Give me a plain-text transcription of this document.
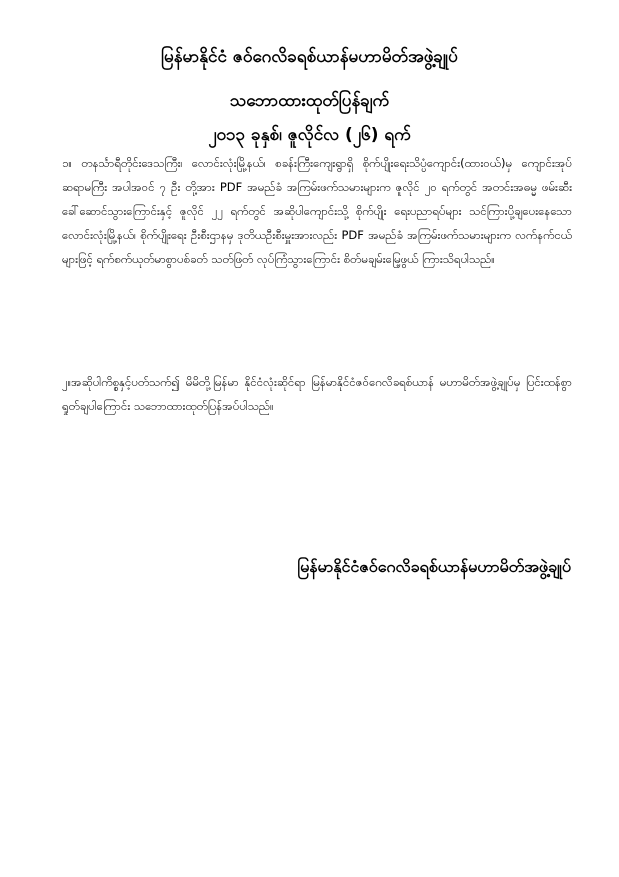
မြန်မာနိုင်ငံ ဇဝ်ဂေလိခရစ်ယာန်မဟာမိတ်အဖွဲ့ချုပ်
သဘောထားထုတ်ပြန်ချက်
၂၀၁၃ ခုနှစ်၊ ဇူလိုင်လ (၂၆) ရက်
၁။ တနင်္သာရီတိုင်းဒေသကြီး၊ လောင်းလုံးမြို့နယ်၊ စခန်းကြီးကျေးရွာရှိ စိုက်ပျိုးရေးသိပ္ပံကျောင်း(ထားဝယ်)မှ ကျောင်းအုပ်ဆရာမကြီး အပါအဝင် ၇ ဦး တို့အား PDF အမည်ခံ အကြမ်းဖက်သမားများက ဇူလိုင် ၂၀ ရက်တွင် အတင်းအဓမ္မ ဖမ်းဆီးခေါ်ဆောင်သွားကြောင်းနှင့် ဇူလိုင် ၂၂ ရက်တွင် အဆိုပါကျောင်းသို့ စိုက်ပျိုး ရေးပညာရပ်များ သင်ကြားပို့ချပေးနေသော လောင်းလုံးမြို့နယ်၊ စိုက်ပျိုးရေး ဦးစီးဌာနမှ ဒုတိယဦးစီးမှူးအားလည်း PDF အမည်ခံ အကြမ်းဖက်သမားများက လက်နက်ငယ်များဖြင့် ရက်စက်ယုတ်မာစွာပစ်ခတ် သတ်ဖြတ် လုပ်ကြံသွားကြောင်း စိတ်မချမ်းမြေ့ဖွယ် ကြားသိရပါသည်။
၂။အဆိုပါကိစ္စနှင့်ပတ်သက်၍ မိမိတို့မြန်မာ နိုင်ငံလုံးဆိုင်ရာ မြန်မာနိုင်ငံဇဝ်ဂေလိခရစ်ယာန် မဟာမိတ်အဖွဲ့ချုပ်မှ ပြင်းထန်စွာ ရှုတ်ချပါကြောင်း သဘောထားထုတ်ပြန်အပ်ပါသည်။
မြန်မာနိုင်ငံဇဝ်ဂေလိခရစ်ယာန်မဟာမိတ်အဖွဲ့ချုပ်
